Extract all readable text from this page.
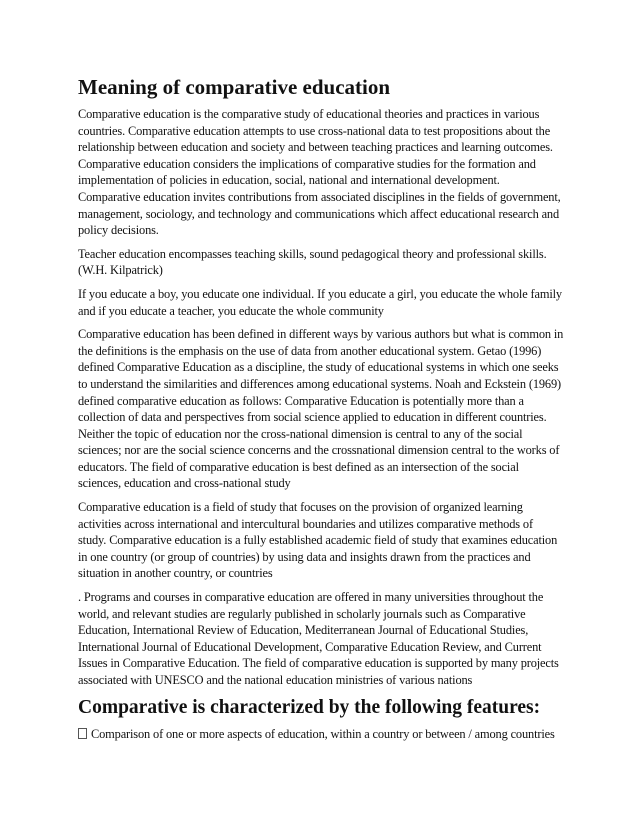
Meaning of comparative education

Comparative education is the comparative study of educational theories and practices in various countries. Comparative education attempts to use cross-national data to test propositions about the relationship between education and society and between teaching practices and learning outcomes. Comparative education considers the implications of comparative studies for the formation and implementation of policies in education, social, national and international development. Comparative education invites contributions from associated disciplines in the fields of government, management, sociology, and technology and communications which affect educational research and policy decisions.

Teacher education encompasses teaching skills, sound pedagogical theory and professional skills. (W.H. Kilpatrick)

If you educate a boy, you educate one individual. If you educate a girl, you educate the whole family and if you educate a teacher, you educate the whole community

Comparative education has been defined in different ways by various authors but what is common in the definitions is the emphasis on the use of data from another educational system. Getao (1996) defined Comparative Education as a discipline, the study of educational systems in which one seeks to understand the similarities and differences among educational systems. Noah and Eckstein (1969) defined comparative education as follows: Comparative Education is potentially more than a collection of data and perspectives from social science applied to education in different countries. Neither the topic of education nor the cross-national dimension is central to any of the social sciences; nor are the social science concerns and the crossnational dimension central to the works of educators. The field of comparative education is best defined as an intersection of the social sciences, education and cross-national study

Comparative education is a field of study that focuses on the provision of organized learning activities across international and intercultural boundaries and utilizes comparative methods of study. Comparative education is a fully established academic field of study that examines education in one country (or group of countries) by using data and insights drawn from the practices and situation in another country, or countries

. Programs and courses in comparative education are offered in many universities throughout the world, and relevant studies are regularly published in scholarly journals such as Comparative Education, International Review of Education, Mediterranean Journal of Educational Studies, International Journal of Educational Development, Comparative Education Review, and Current Issues in Comparative Education. The field of comparative education is supported by many projects associated with UNESCO and the national education ministries of various nations

Comparative is characterized by the following features:

Comparison of one or more aspects of education, within a country or between / among countries
